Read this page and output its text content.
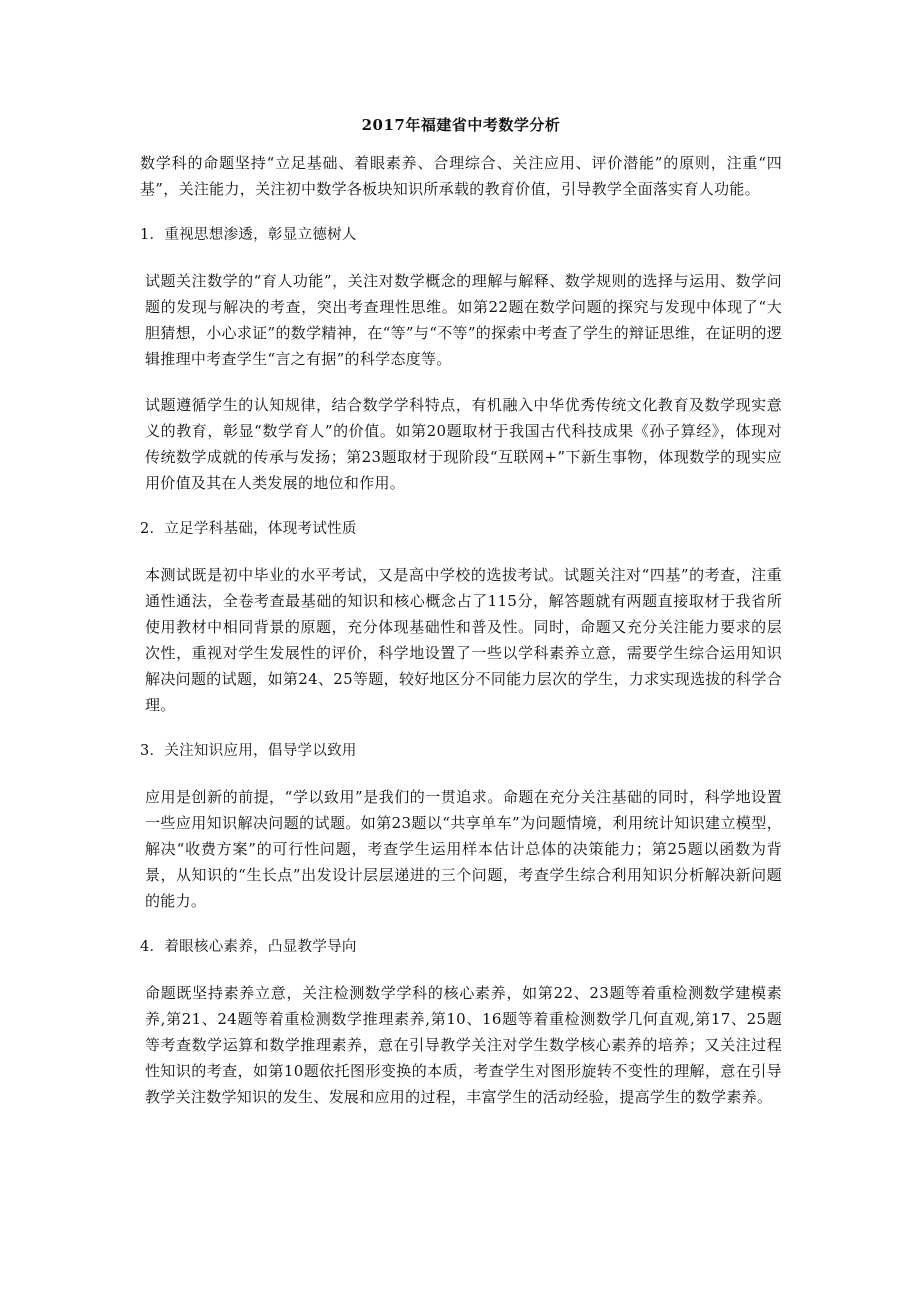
2017年福建省中考数学分析

数学科的命题坚持“立足基础、着眼素养、合理综合、关注应用、评价潜能”的原则，注重“四基”，关注能力，关注初中数学各板块知识所承载的教育价值，引导教学全面落实育人功能。

1．重视思想渗透，彰显立德树人

试题关注数学的“育人功能”，关注对数学概念的理解与解释、数学规则的选择与运用、数学问题的发现与解决的考查，突出考查理性思维。如第22题在数学问题的探究与发现中体现了“大胆猜想，小心求证”的数学精神，在“等”与“不等”的探索中考查了学生的辩证思维，在证明的逻辑推理中考查学生“言之有据”的科学态度等。

试题遵循学生的认知规律，结合数学学科特点，有机融入中华优秀传统文化教育及数学现实意义的教育，彰显“数学育人”的价值。如第20题取材于我国古代科技成果《孙子算经》，体现对传统数学成就的传承与发扬；第23题取材于现阶段“互联网+”下新生事物，体现数学的现实应用价值及其在人类发展的地位和作用。

2．立足学科基础，体现考试性质

本测试既是初中毕业的水平考试，又是高中学校的选拔考试。试题关注对“四基”的考查，注重通性通法，全卷考查最基础的知识和核心概念占了115分，解答题就有两题直接取材于我省所使用教材中相同背景的原题，充分体现基础性和普及性。同时，命题又充分关注能力要求的层次性，重视对学生发展性的评价，科学地设置了一些以学科素养立意，需要学生综合运用知识解决问题的试题，如第24、25等题，较好地区分不同能力层次的学生，力求实现选拔的科学合理。

3．关注知识应用，倡导学以致用

应用是创新的前提，“学以致用”是我们的一贯追求。命题在充分关注基础的同时，科学地设置一些应用知识解决问题的试题。如第23题以“共享单车”为问题情境，利用统计知识建立模型，解决“收费方案”的可行性问题，考查学生运用样本估计总体的决策能力；第25题以函数为背景，从知识的“生长点”出发设计层层递进的三个问题，考查学生综合利用知识分析解决新问题的能力。

4．着眼核心素养，凸显教学导向

命题既坚持素养立意，关注检测数学学科的核心素养，如第22、23题等着重检测数学建模素养,第21、24题等着重检测数学推理素养,第10、16题等着重检测数学几何直观,第17、25题等考查数学运算和数学推理素养，意在引导教学关注对学生数学核心素养的培养；又关注过程性知识的考查，如第10题依托图形变换的本质，考查学生对图形旋转不变性的理解，意在引导教学关注数学知识的发生、发展和应用的过程，丰富学生的活动经验，提高学生的数学素养。
